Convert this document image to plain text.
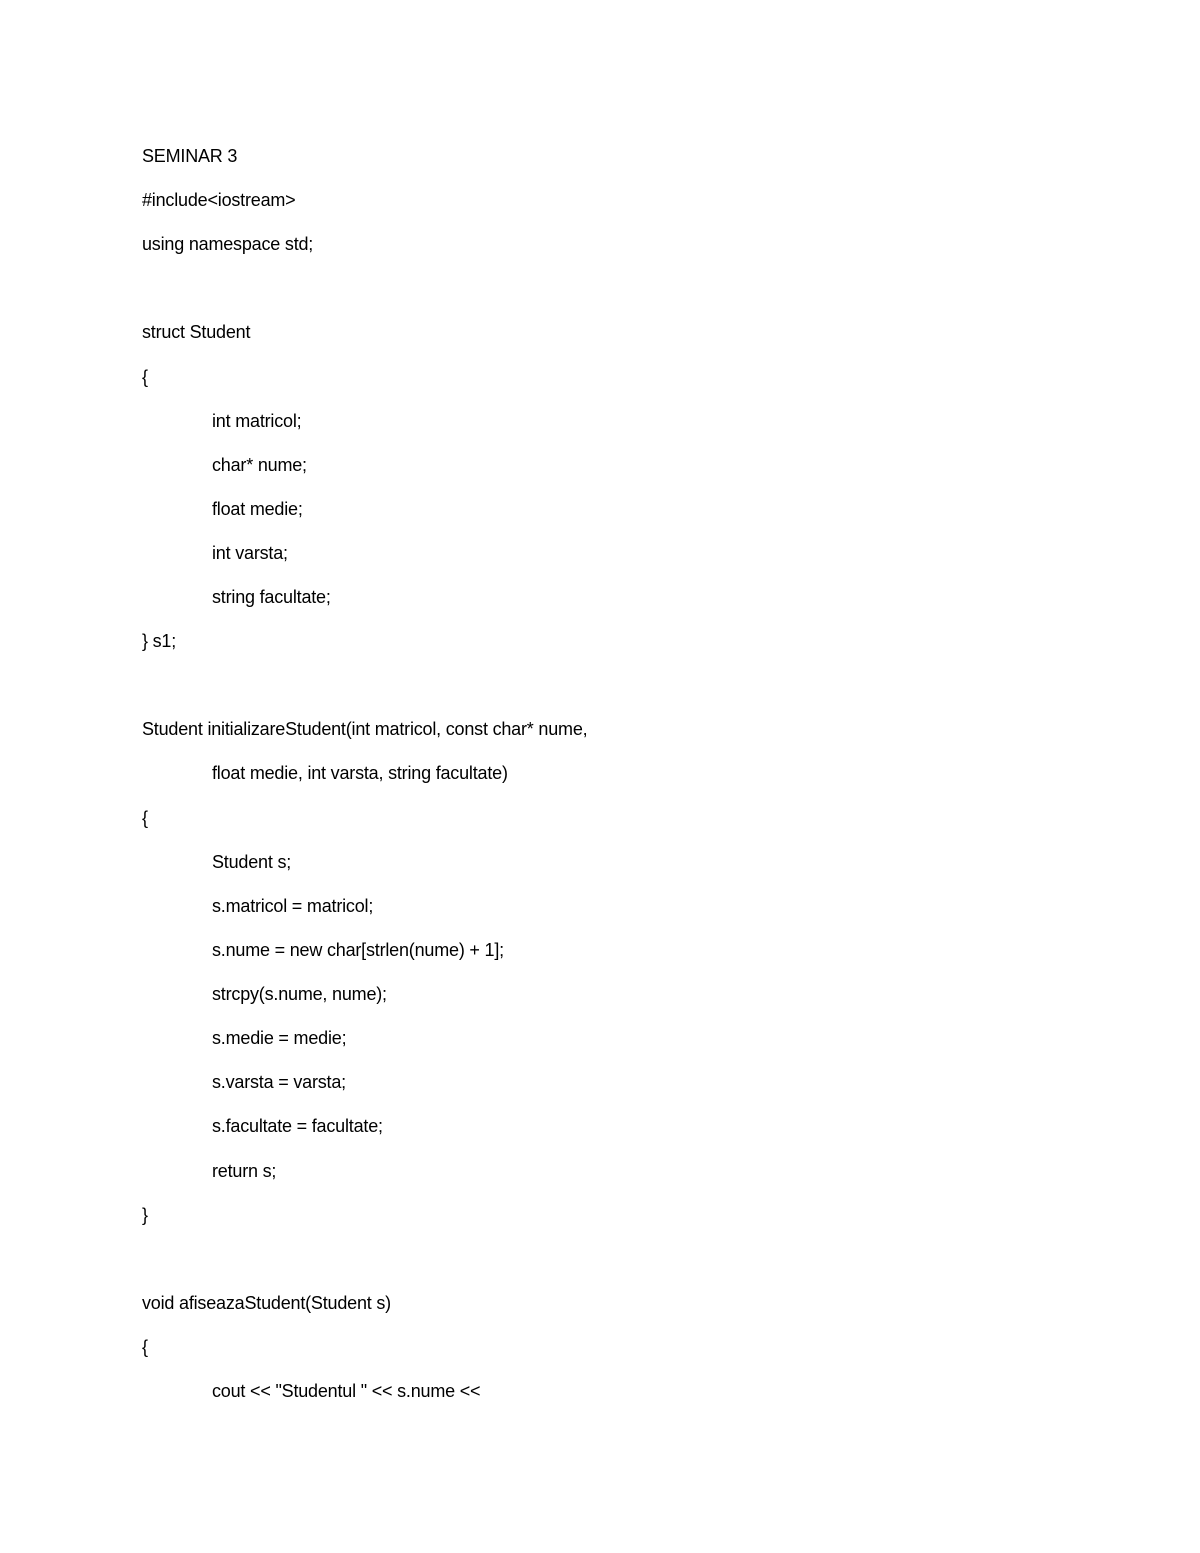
SEMINAR 3
#include<iostream>
using namespace std;
struct Student
{
int matricol;
char* nume;
float medie;
int varsta;
string facultate;
} s1;
Student initializareStudent(int matricol, const char* nume,
float medie, int varsta, string facultate)
{
Student s;
s.matricol = matricol;
s.nume = new char[strlen(nume) + 1];
strcpy(s.nume, nume);
s.medie = medie;
s.varsta = varsta;
s.facultate = facultate;
return s;
}
void afiseazaStudent(Student s)
{
cout << "Studentul " << s.nume <<
